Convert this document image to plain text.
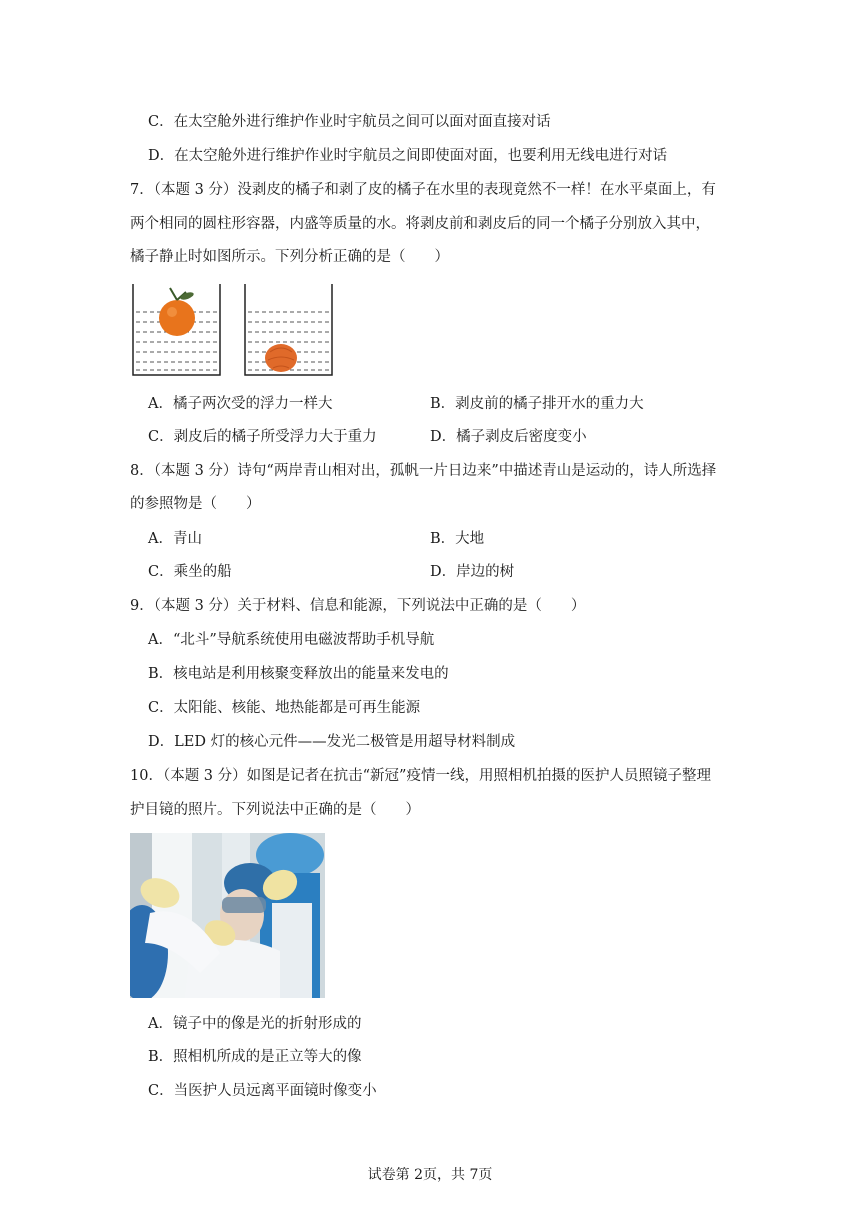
C．在太空舱外进行维护作业时宇航员之间可以面对面直接对话
D．在太空舱外进行维护作业时宇航员之间即使面对面，也要利用无线电进行对话
7．（本题 3 分）没剥皮的橘子和剥了皮的橘子在水里的表现竟然不一样！在水平桌面上，有
两个相同的圆柱形容器，内盛等质量的水。将剥皮前和剥皮后的同一个橘子分别放入其中，
橘子静止时如图所示。下列分析正确的是（　　）
A．橘子两次受的浮力一样大	B．剥皮前的橘子排开水的重力大
C．剥皮后的橘子所受浮力大于重力	D．橘子剥皮后密度变小
8．（本题 3 分）诗句“两岸青山相对出，孤帆一片日边来”中描述青山是运动的，诗人所选择
的参照物是（　　）
A．青山	B．大地
C．乘坐的船	D．岸边的树
9．（本题 3 分）关于材料、信息和能源，下列说法中正确的是（　　）
A．“北斗”导航系统使用电磁波帮助手机导航
B．核电站是利用核聚变释放出的能量来发电的
C．太阳能、核能、地热能都是可再生能源
D．LED 灯的核心元件——发光二极管是用超导材料制成
10．（本题 3 分）如图是记者在抗击“新冠”疫情一线，用照相机拍摄的医护人员照镜子整理
护目镜的照片。下列说法中正确的是（　　）
A．镜子中的像是光的折射形成的
B．照相机所成的是正立等大的像
C．当医护人员远离平面镜时像变小
试卷第 2页，共 7页
